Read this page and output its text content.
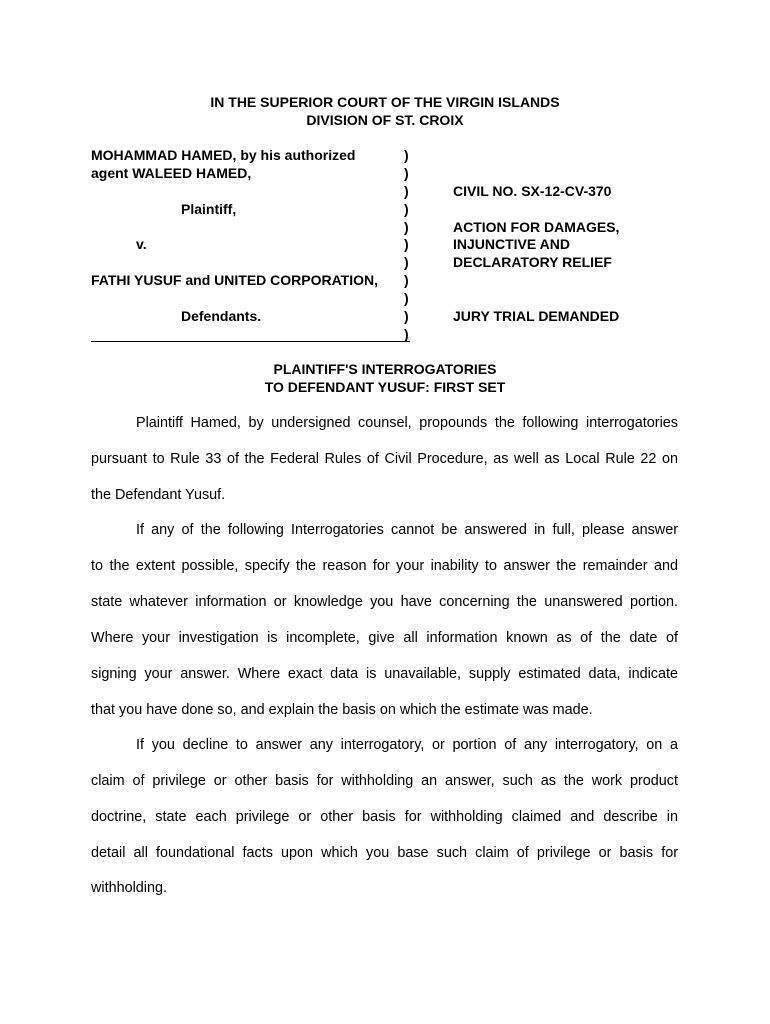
IN THE SUPERIOR COURT OF THE VIRGIN ISLANDS
DIVISION OF ST. CROIX
MOHAMMAD HAMED, by his authorized
agent WALEED HAMED,
Plaintiff,
v.
FATHI YUSUF and UNITED CORPORATION,
Defendants.
)
)
)
)
)
)
)
)
)
)
)
CIVIL NO. SX-12-CV-370
ACTION FOR DAMAGES,
INJUNCTIVE AND
DECLARATORY RELIEF
JURY TRIAL DEMANDED
PLAINTIFF'S INTERROGATORIES
TO DEFENDANT YUSUF: FIRST SET
Plaintiff Hamed, by undersigned counsel, propounds the following interrogatories
pursuant to Rule 33 of the Federal Rules of Civil Procedure, as well as Local Rule 22 on
the Defendant Yusuf.
If any of the following Interrogatories cannot be answered in full, please answer
to the extent possible, specify the reason for your inability to answer the remainder and
state whatever information or knowledge you have concerning the unanswered portion.
Where your investigation is incomplete, give all information known as of the date of
signing your answer. Where exact data is unavailable, supply estimated data, indicate
that you have done so, and explain the basis on which the estimate was made.
If you decline to answer any interrogatory, or portion of any interrogatory, on a
claim of privilege or other basis for withholding an answer, such as the work product
doctrine, state each privilege or other basis for withholding claimed and describe in
detail all foundational facts upon which you base such claim of privilege or basis for
withholding.
